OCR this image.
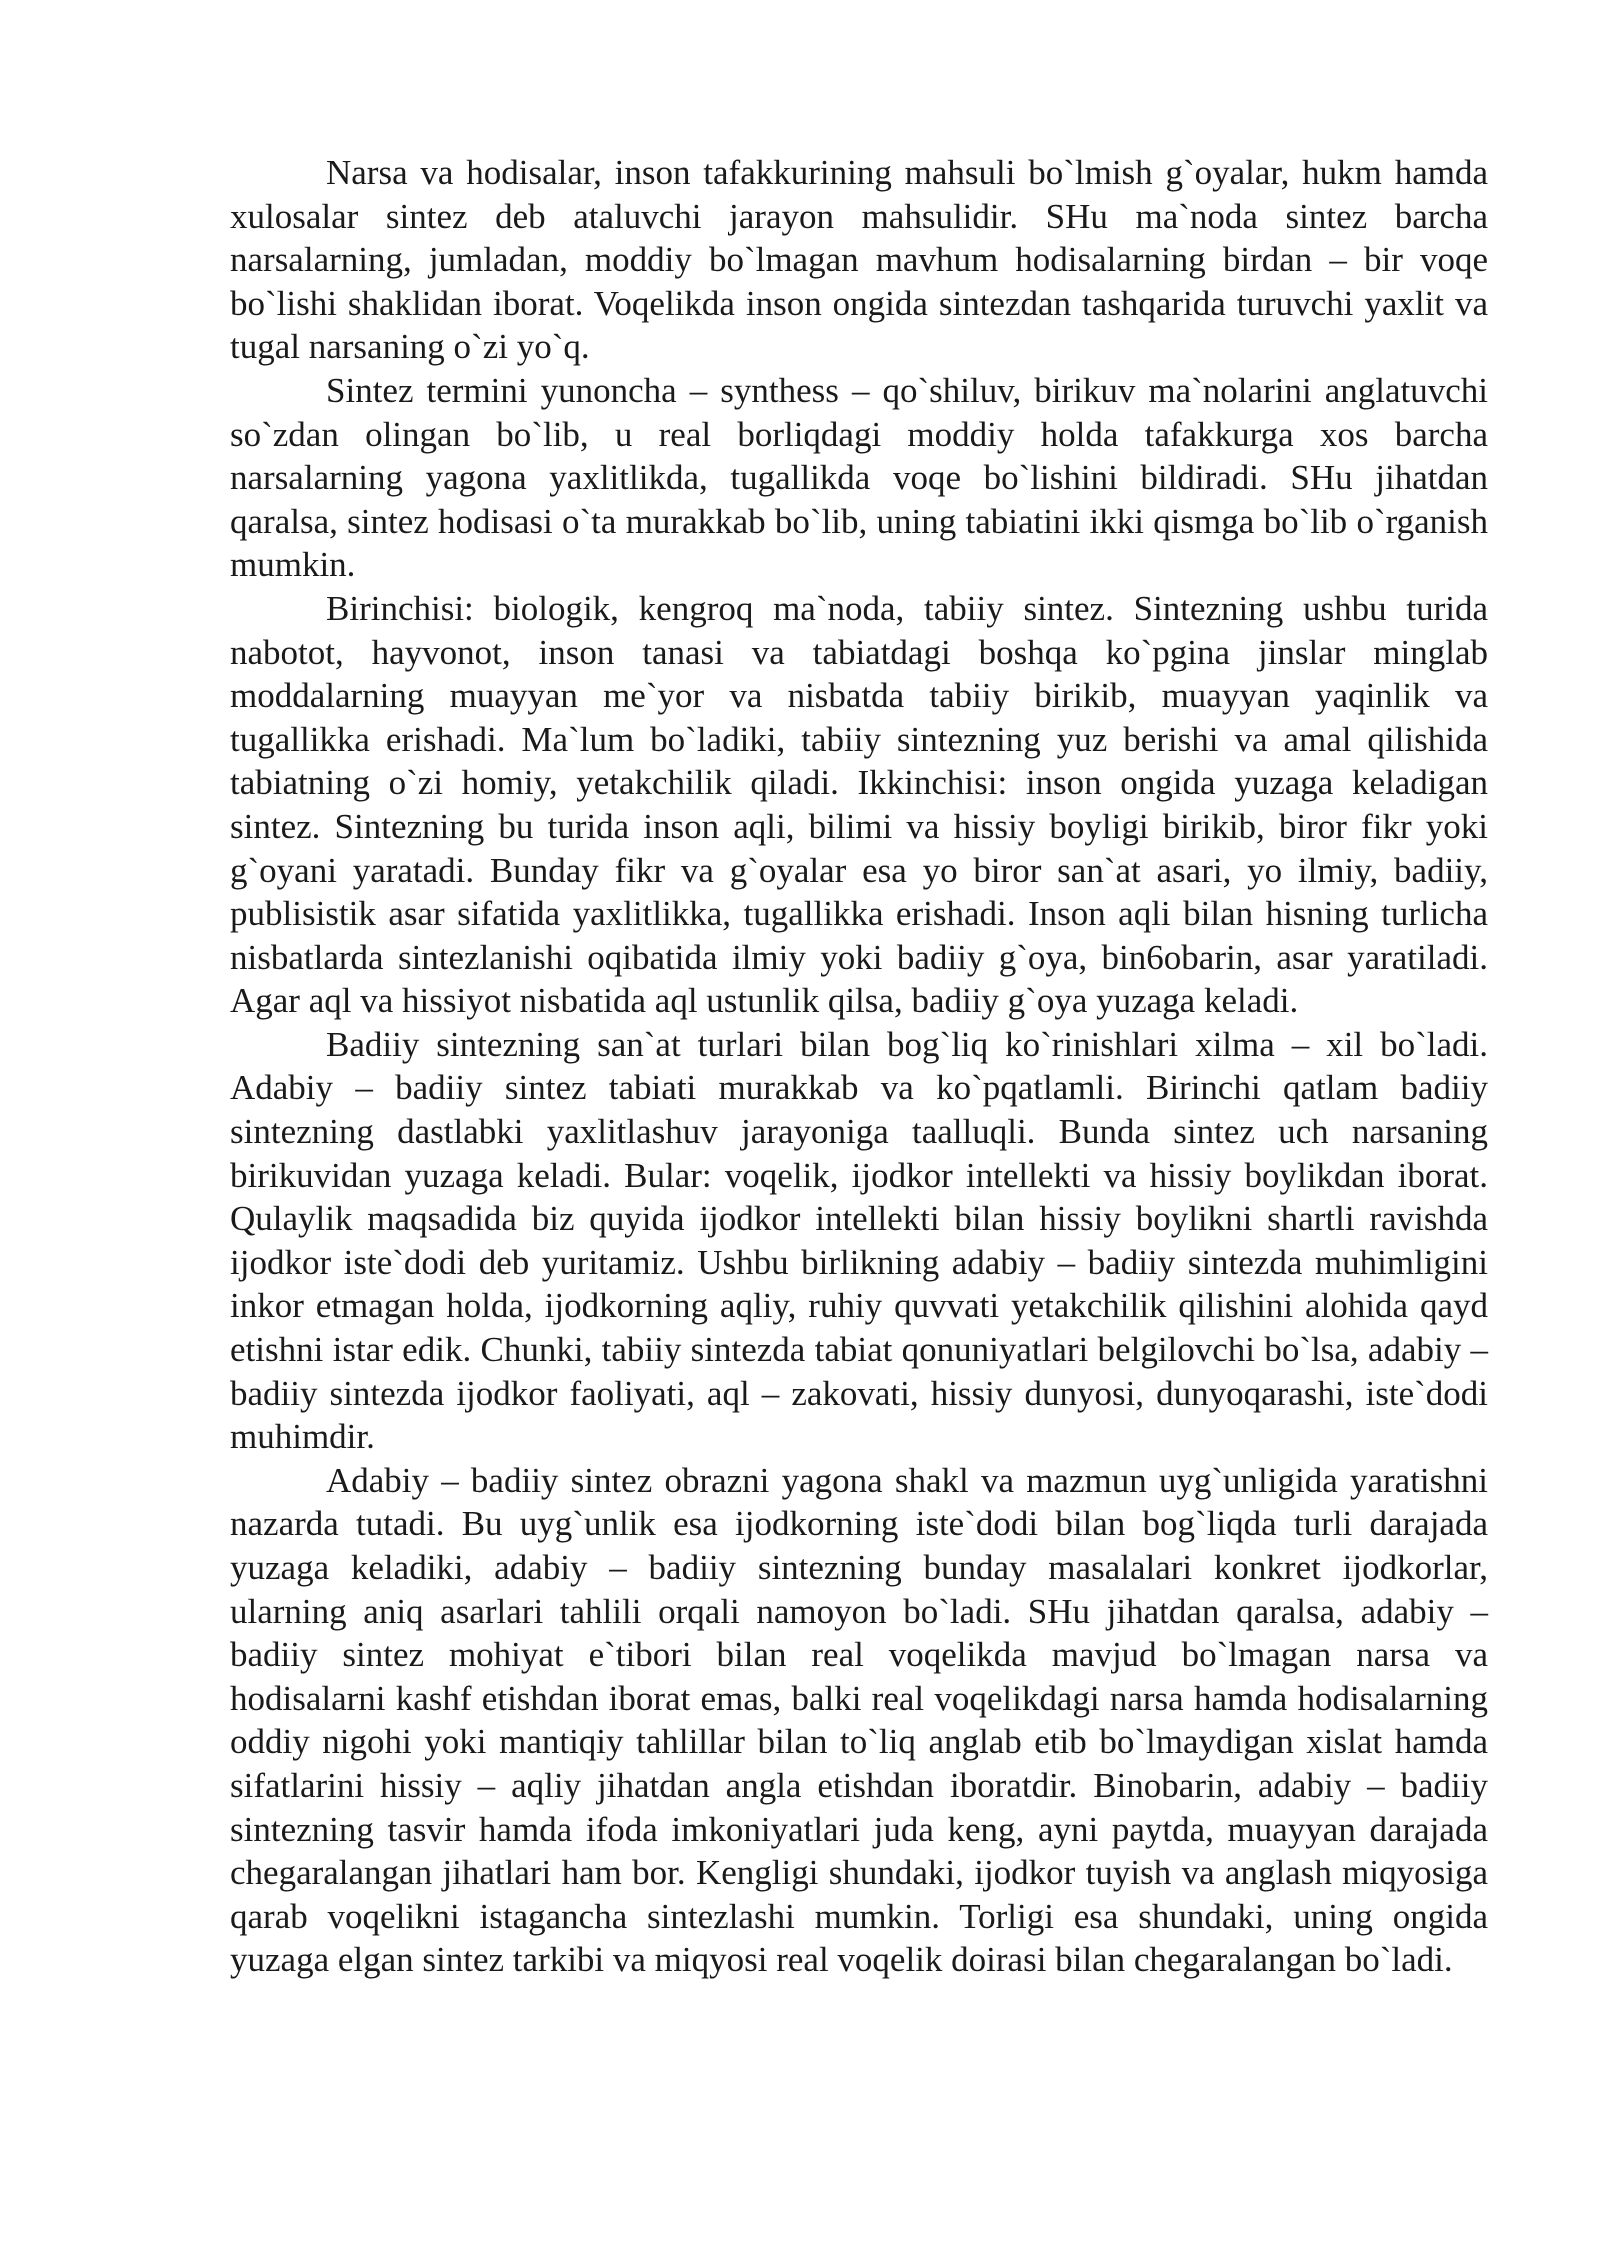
Narsa va hodisalar, inson tafakkurining mahsuli bo`lmish g`oyalar, hukm hamda xulosalar sintez deb ataluvchi jarayon mahsulidir. SHu ma`noda sintez barcha narsalarning, jumladan, moddiy bo`lmagan mavhum hodisalarning birdan – bir voqe bo`lishi shaklidan iborat. Voqelikda inson ongida sintezdan tashqarida turuvchi yaxlit va tugal narsaning o`zi yo`q.

Sintez termini yunoncha – synthess – qo`shiluv, birikuv ma`nolarini anglatuvchi so`zdan olingan bo`lib, u real borliqdagi moddiy holda tafakkurga xos barcha narsalarning yagona yaxlitlikda, tugallikda voqe bo`lishini bildiradi. SHu jihatdan qaralsa, sintez hodisasi o`ta murakkab bo`lib, uning tabiatini ikki qismga bo`lib o`rganish mumkin.

Birinchisi: biologik, kengroq ma`noda, tabiiy sintez. Sintezning ushbu turida nabotot, hayvonot, inson tanasi va tabiatdagi boshqa ko`pgina jinslar minglab moddalarning muayyan me`yor va nisbatda tabiiy birikib, muayyan yaqinlik va tugallikka erishadi. Ma`lum bo`ladiki, tabiiy sintezning yuz berishi va amal qilishida tabiatning o`zi homiy, yetakchilik qiladi. Ikkinchisi: inson ongida yuzaga keladigan sintez. Sintezning bu turida inson aqli, bilimi va hissiy boyligi birikib, biror fikr yoki g`oyani yaratadi. Bunday fikr va g`oyalar esa yo biror san`at asari, yo ilmiy, badiiy, publisistik asar sifatida yaxlitlikka, tugallikka erishadi. Inson aqli bilan hisning turlicha nisbatlarda sintezlanishi oqibatida ilmiy yoki badiiy g`oya, bin6obarin, asar yaratiladi. Agar aql va hissiyot nisbatida aql ustunlik qilsa, badiiy g`oya yuzaga keladi.

Badiiy sintezning san`at turlari bilan bog`liq ko`rinishlari xilma – xil bo`ladi. Adabiy – badiiy sintez tabiati murakkab va ko`pqatlamli. Birinchi qatlam badiiy sintezning dastlabki yaxlitlashuv jarayoniga taalluqli. Bunda sintez uch narsaning birikuvidan yuzaga keladi. Bular: voqelik, ijodkor intellekti va hissiy boylikdan iborat. Qulaylik maqsadida biz quyida ijodkor intellekti bilan hissiy boylikni shartli ravishda ijodkor iste`dodi deb yuritamiz. Ushbu birlikning adabiy – badiiy sintezda muhimligini inkor etmagan holda, ijodkorning aqliy, ruhiy quvvati yetakchilik qilishini alohida qayd etishni istar edik. Chunki, tabiiy sintezda tabiat qonuniyatlari belgilovchi bo`lsa, adabiy – badiiy sintezda ijodkor faoliyati, aql – zakovati, hissiy dunyosi, dunyoqarashi, iste`dodi muhimdir.

Adabiy – badiiy sintez obrazni yagona shakl va mazmun uyg`unligida yaratishni nazarda tutadi. Bu uyg`unlik esa ijodkorning iste`dodi bilan bog`liqda turli darajada yuzaga keladiki, adabiy – badiiy sintezning bunday masalalari konkret ijodkorlar, ularning aniq asarlari tahlili orqali namoyon bo`ladi. SHu jihatdan qaralsa, adabiy – badiiy sintez mohiyat e`tibori bilan real voqelikda mavjud bo`lmagan narsa va hodisalarni kashf etishdan iborat emas, balki real voqelikdagi narsa hamda hodisalarning oddiy nigohi yoki mantiqiy tahlillar bilan to`liq anglab etib bo`lmaydigan xislat hamda sifatlarini hissiy – aqliy jihatdan angla etishdan iboratdir. Binobarin, adabiy – badiiy sintezning tasvir hamda ifoda imkoniyatlari juda keng, ayni paytda, muayyan darajada chegaralangan jihatlari ham bor. Kengligi shundaki, ijodkor tuyish va anglash miqyosiga qarab voqelikni istagancha sintezlashi mumkin. Torligi esa shundaki, uning ongida yuzaga elgan sintez tarkibi va miqyosi real voqelik doirasi bilan chegaralangan bo`ladi.
